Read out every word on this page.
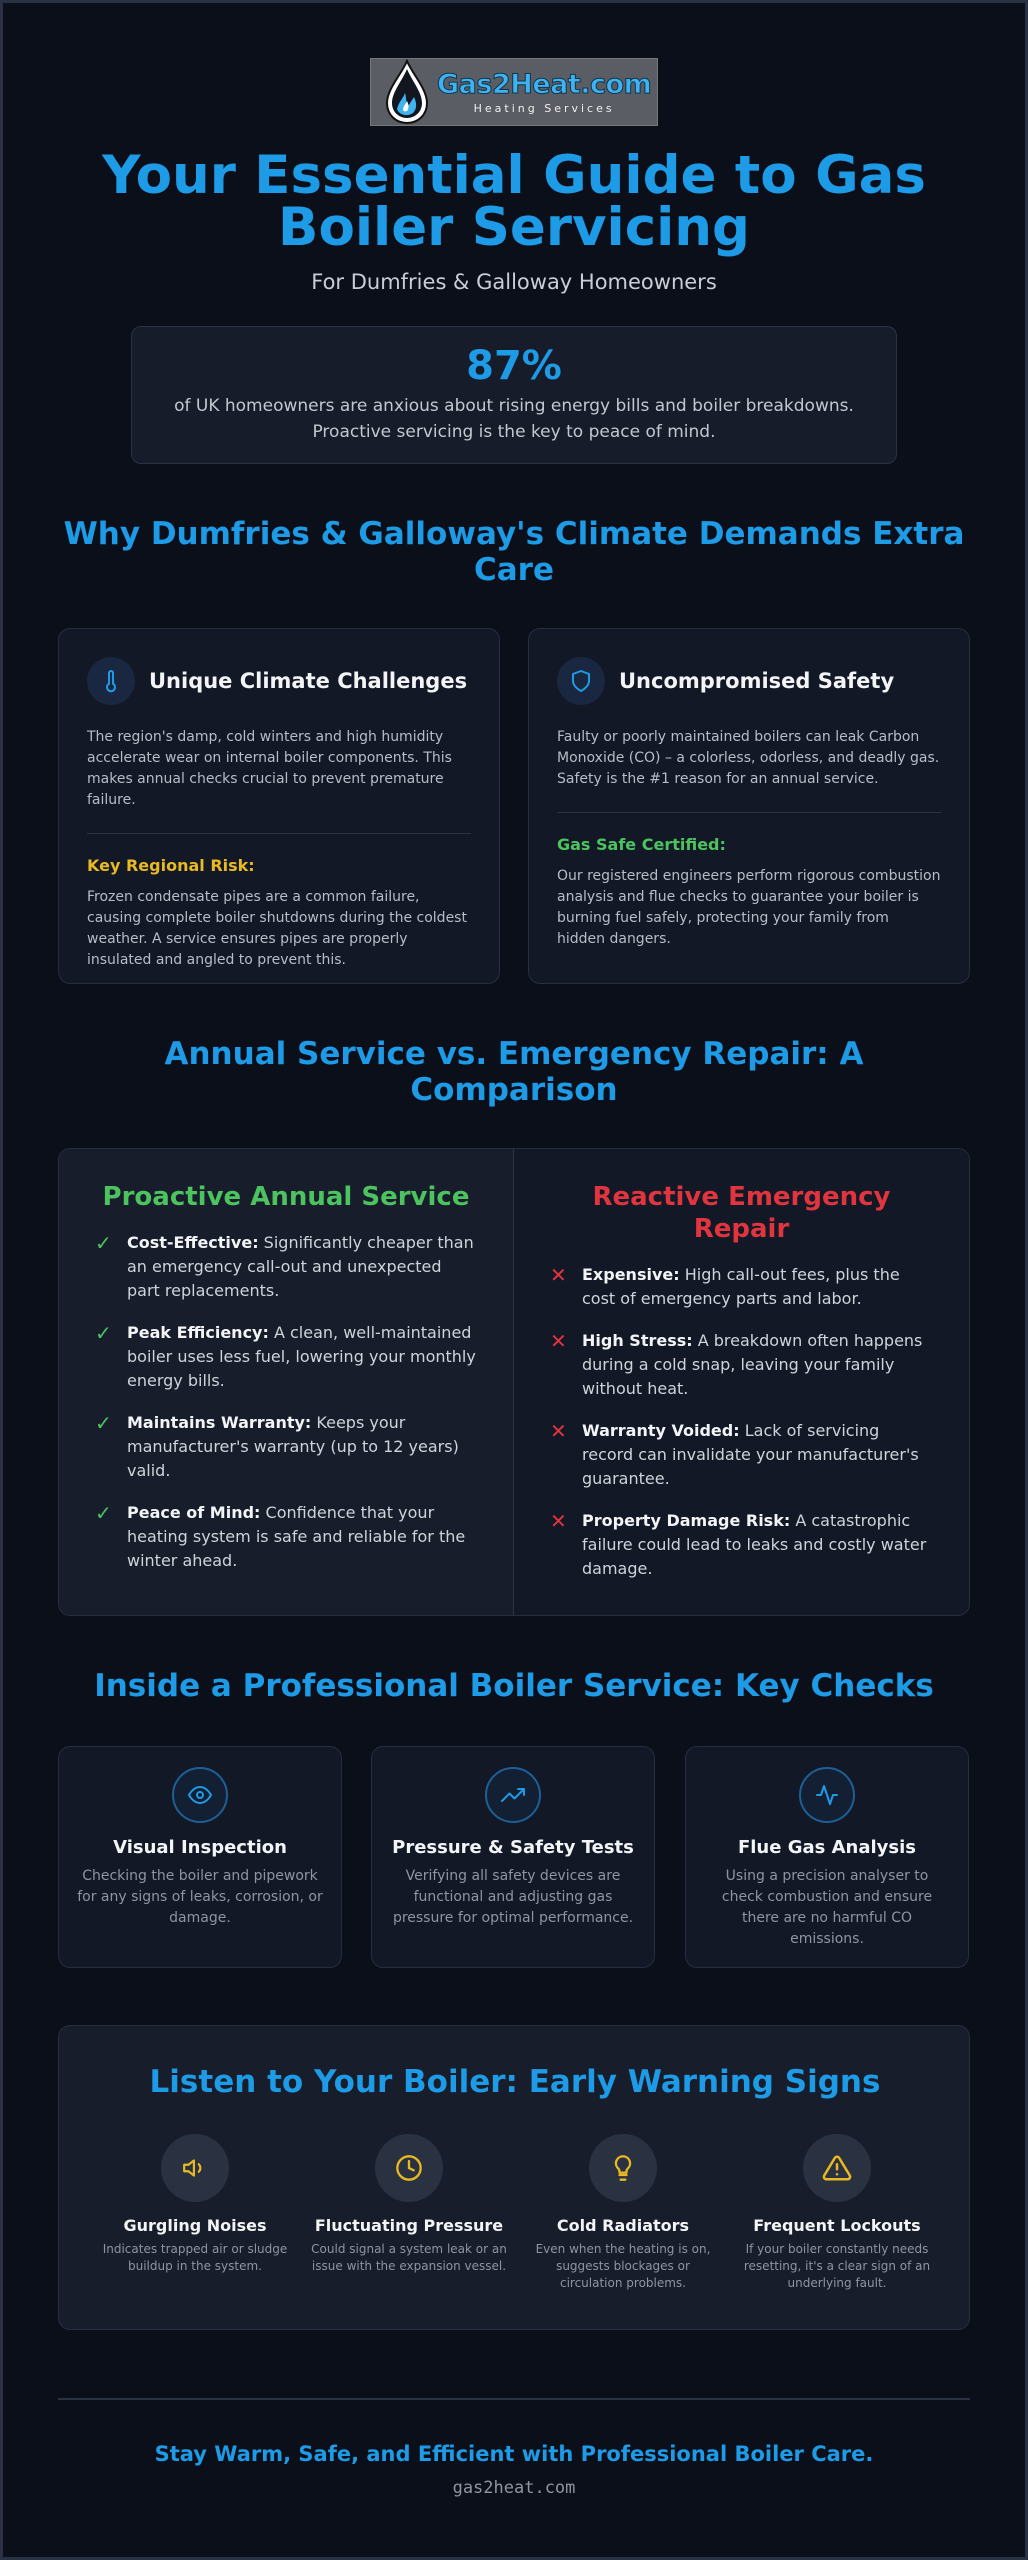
Gas2Heat.com
Heating Services
Your Essential Guide to Gas Boiler Servicing
For Dumfries & Galloway Homeowners
87%
of UK homeowners are anxious about rising energy bills and boiler breakdowns. Proactive servicing is the key to peace of mind.
Why Dumfries & Galloway's Climate Demands Extra Care
Unique Climate Challenges

The region's damp, cold winters and high humidity accelerate wear on internal boiler components. This makes annual checks crucial to prevent premature failure.

Key Regional Risk:

Frozen condensate pipes are a common failure, causing complete boiler shutdowns during the coldest weather. A service ensures pipes are properly insulated and angled to prevent this.

Uncompromised Safety

Faulty or poorly maintained boilers can leak Carbon Monoxide (CO) – a colorless, odorless, and deadly gas. Safety is the #1 reason for an annual service.

Gas Safe Certified:

Our registered engineers perform rigorous combustion analysis and flue checks to guarantee your boiler is burning fuel safely, protecting your family from hidden dangers.

Annual Service vs. Emergency Repair: A Comparison
Proactive Annual Service
✓ Cost-Effective: Significantly cheaper than an emergency call-out and unexpected part replacements.
✓ Peak Efficiency: A clean, well-maintained boiler uses less fuel, lowering your monthly energy bills.
✓ Maintains Warranty: Keeps your manufacturer's warranty (up to 12 years) valid.
✓ Peace of Mind: Confidence that your heating system is safe and reliable for the winter ahead.
Reactive Emergency Repair
✕ Expensive: High call-out fees, plus the cost of emergency parts and labor.
✕ High Stress: A breakdown often happens during a cold snap, leaving your family without heat.
✕ Warranty Voided: Lack of servicing record can invalidate your manufacturer's guarantee.
✕ Property Damage Risk: A catastrophic failure could lead to leaks and costly water damage.
Inside a Professional Boiler Service: Key Checks
Visual Inspection
Checking the boiler and pipework for any signs of leaks, corrosion, or damage.
Pressure & Safety Tests
Verifying all safety devices are functional and adjusting gas pressure for optimal performance.
Flue Gas Analysis
Using a precision analyser to check combustion and ensure there are no harmful CO emissions.
Listen to Your Boiler: Early Warning Signs
Gurgling Noises
Indicates trapped air or sludge buildup in the system.
Fluctuating Pressure
Could signal a system leak or an issue with the expansion vessel.
Cold Radiators
Even when the heating is on, suggests blockages or circulation problems.
Frequent Lockouts
If your boiler constantly needs resetting, it's a clear sign of an underlying fault.
Stay Warm, Safe, and Efficient with Professional Boiler Care.
gas2heat.com
